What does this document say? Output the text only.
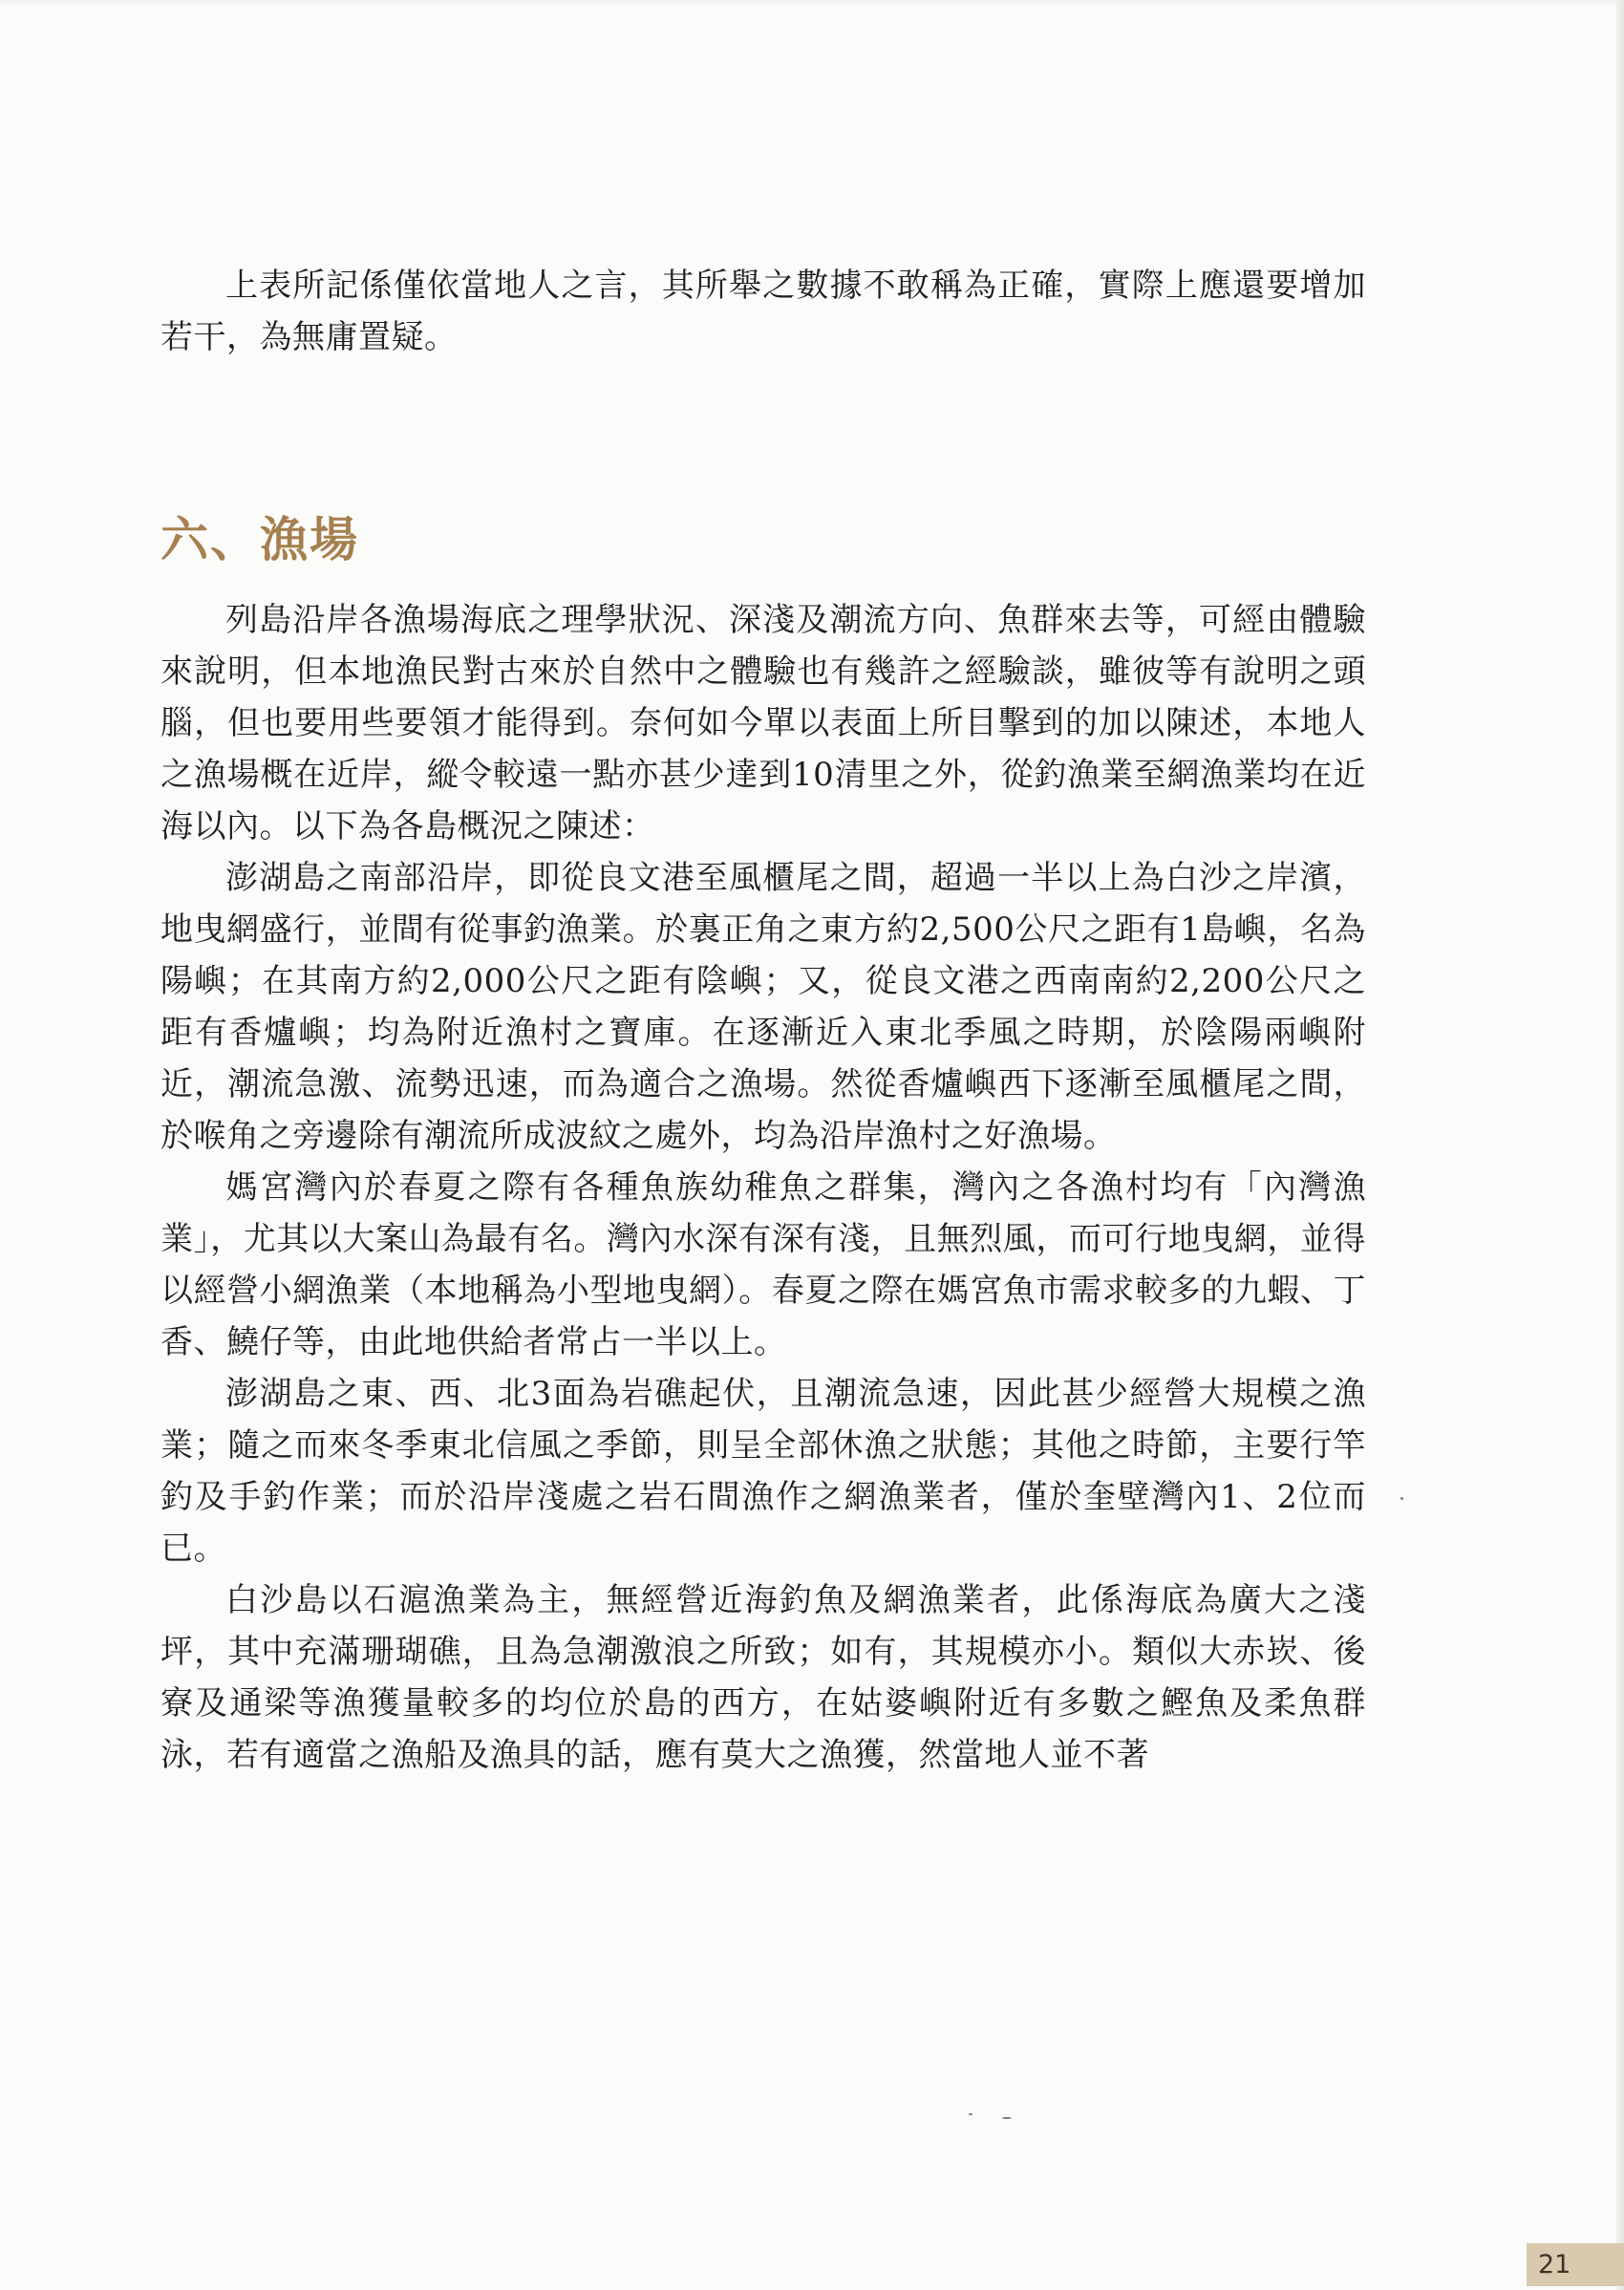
上表所記係僅依當地人之言，其所舉之數據不敢稱為正確，實際上應還要增加若干，為無庸置疑。

六、漁場

列島沿岸各漁場海底之理學狀況、深淺及潮流方向、魚群來去等，可經由體驗來說明，但本地漁民對古來於自然中之體驗也有幾許之經驗談，雖彼等有說明之頭腦，但也要用些要領才能得到。奈何如今單以表面上所目擊到的加以陳述，本地人之漁場概在近岸，縱令較遠一點亦甚少達到10清里之外，從釣漁業至網漁業均在近海以內。以下為各島概況之陳述：

澎湖島之南部沿岸，即從良文港至風櫃尾之間，超過一半以上為白沙之岸濱，地曳網盛行，並間有從事釣漁業。於裏正角之東方約2,500公尺之距有1島嶼，名為陽嶼；在其南方約2,000公尺之距有陰嶼；又，從良文港之西南南約2,200公尺之距有香爐嶼；均為附近漁村之寶庫。在逐漸近入東北季風之時期，於陰陽兩嶼附近，潮流急激、流勢迅速，而為適合之漁場。然從香爐嶼西下逐漸至風櫃尾之間，於喉角之旁邊除有潮流所成波紋之處外，均為沿岸漁村之好漁場。

媽宮灣內於春夏之際有各種魚族幼稚魚之群集，灣內之各漁村均有「內灣漁業」，尤其以大案山為最有名。灣內水深有深有淺，且無烈風，而可行地曳網，並得以經營小網漁業（本地稱為小型地曳網）。春夏之際在媽宮魚市需求較多的九蝦、丁香、鱙仔等，由此地供給者常占一半以上。

澎湖島之東、西、北3面為岩礁起伏，且潮流急速，因此甚少經營大規模之漁業；隨之而來冬季東北信風之季節，則呈全部休漁之狀態；其他之時節，主要行竿釣及手釣作業；而於沿岸淺處之岩石間漁作之網漁業者，僅於奎壁灣內1、2位而已。

白沙島以石滬漁業為主，無經營近海釣魚及網漁業者，此係海底為廣大之淺坪，其中充滿珊瑚礁，且為急潮激浪之所致；如有，其規模亦小。類似大赤崁、後寮及通梁等漁獲量較多的均位於島的西方，在姑婆嶼附近有多數之鰹魚及柔魚群泳，若有適當之漁船及漁具的話，應有莫大之漁獲，然當地人並不著

21
